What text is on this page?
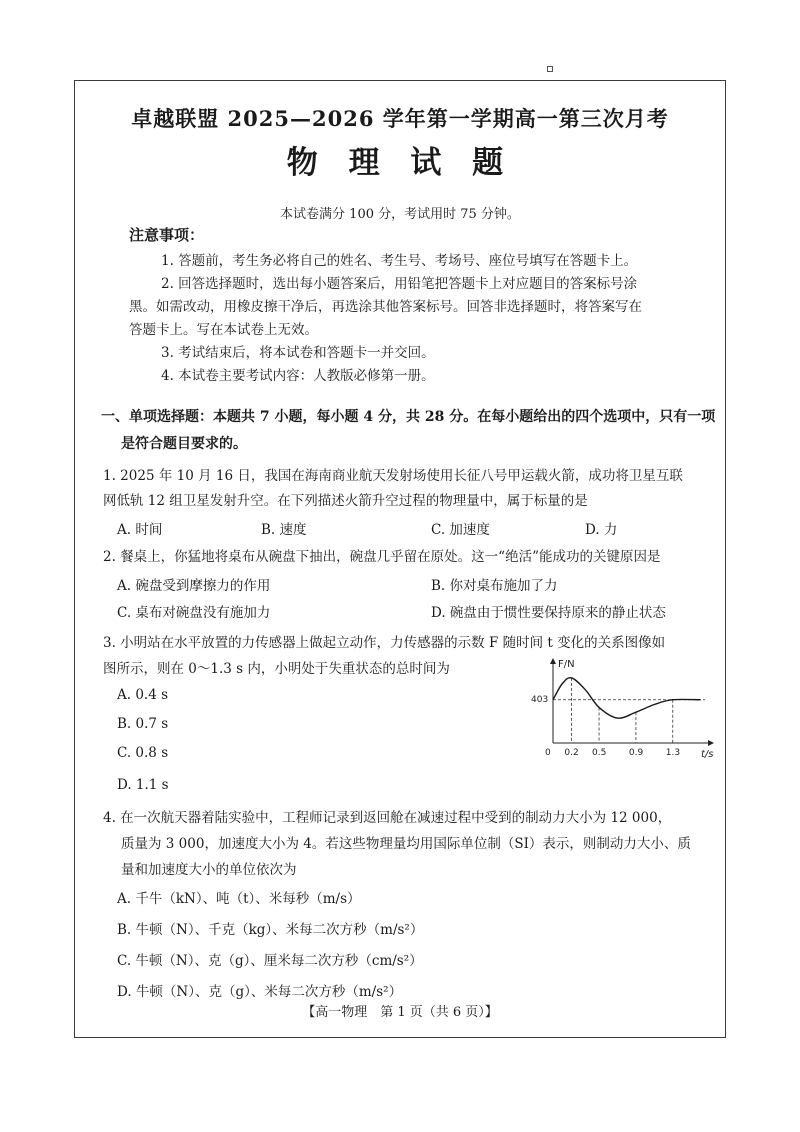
卓越联盟 2025—2026 学年第一学期高一第三次月考
物 理 试 题
本试卷满分 100 分，考试用时 75 分钟。
注意事项：
1. 答题前，考生务必将自己的姓名、考生号、考场号、座位号填写在答题卡上。
2. 回答选择题时，选出每小题答案后，用铅笔把答题卡上对应题目的答案标号涂
黑。如需改动，用橡皮擦干净后，再选涂其他答案标号。回答非选择题时，将答案写在
答题卡上。写在本试卷上无效。
3. 考试结束后，将本试卷和答题卡一并交回。
4. 本试卷主要考试内容：人教版必修第一册。
一、单项选择题：本题共 7 小题，每小题 4 分，共 28 分。在每小题给出的四个选项中，只有一项
是符合题目要求的。
1. 2025 年 10 月 16 日，我国在海南商业航天发射场使用长征八号甲运载火箭，成功将卫星互联
网低轨 12 组卫星发射升空。在下列描述火箭升空过程的物理量中，属于标量的是
A. 时间	B. 速度	C. 加速度	D. 力
2. 餐桌上，你猛地将桌布从碗盘下抽出，碗盘几乎留在原处。这一“绝活”能成功的关键原因是
A. 碗盘受到摩擦力的作用	B. 你对桌布施加了力
C. 桌布对碗盘没有施加力	D. 碗盘由于惯性要保持原来的静止状态
3. 小明站在水平放置的力传感器上做起立动作，力传感器的示数 F 随时间 t 变化的关系图像如
图所示，则在 0～1.3 s 内，小明处于失重状态的总时间为
A. 0.4 s
B. 0.7 s
C. 0.8 s
D. 1.1 s
F/N
t/s
0
403
0.2 0.5	0.9	1.3
4. 在一次航天器着陆实验中，工程师记录到返回舱在减速过程中受到的制动力大小为 12 000，
质量为 3 000，加速度大小为 4。若这些物理量均用国际单位制（SI）表示，则制动力大小、质
量和加速度大小的单位依次为
A. 千牛（kN）、吨（t）、米每秒（m/s）
B. 牛顿（N）、千克（kg）、米每二次方秒（m/s²）
C. 牛顿（N）、克（g）、厘米每二次方秒（cm/s²）
D. 牛顿（N）、克（g）、米每二次方秒（m/s²）
【高一物理　第 1 页（共 6 页）】
